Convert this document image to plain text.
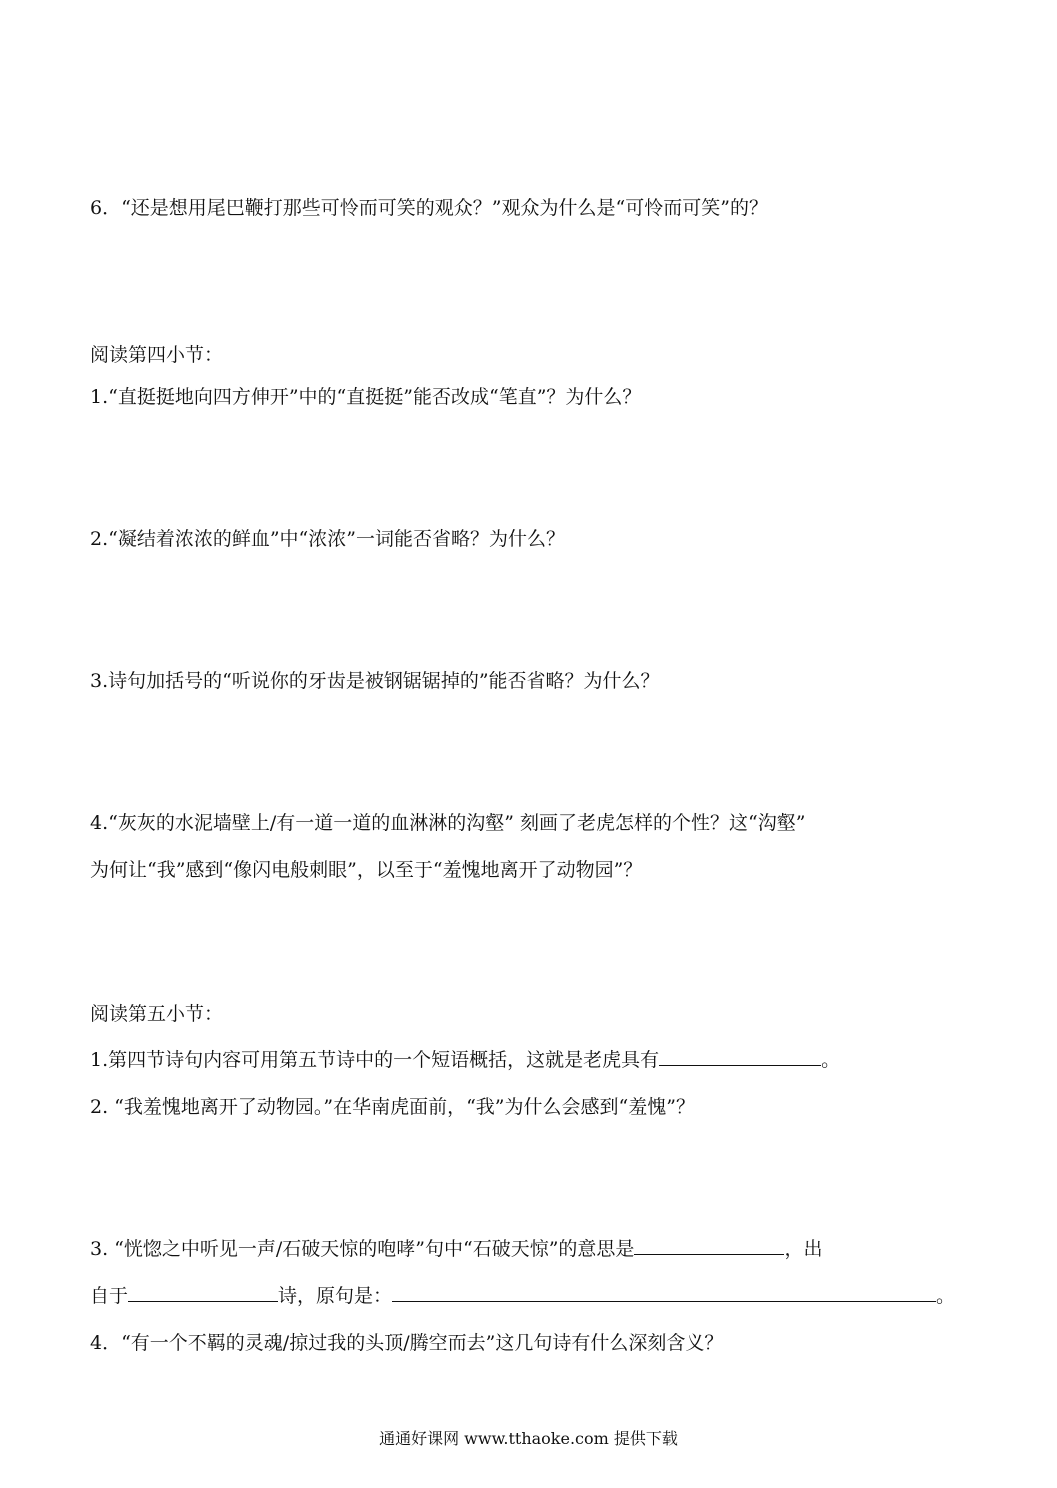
6．“还是想用尾巴鞭打那些可怜而可笑的观众？”观众为什么是“可怜而可笑”的？
阅读第四小节：
1.“直挺挺地向四方伸开”中的“直挺挺”能否改成“笔直”？为什么？
2.“凝结着浓浓的鲜血”中“浓浓”一词能否省略？为什么？
3.诗句加括号的“听说你的牙齿是被钢锯锯掉的”能否省略？为什么？
4.“灰灰的水泥墙壁上/有一道一道的血淋淋的沟壑” 刻画了老虎怎样的个性？这“沟壑”
为何让“我”感到“像闪电般刺眼”，以至于“羞愧地离开了动物园”？
阅读第五小节：
1.第四节诗句内容可用第五节诗中的一个短语概括，这就是老虎具有	。
2. “我羞愧地离开了动物园。”在华南虎面前，“我”为什么会感到“羞愧”？
3. “恍惚之中听见一声/石破天惊的咆哮”句中“石破天惊”的意思是	，出
自于	诗，原句是：	。
4．“有一个不羁的灵魂/掠过我的头顶/腾空而去”这几句诗有什么深刻含义？
通通好课网 www.tthaoke.com 提供下载
